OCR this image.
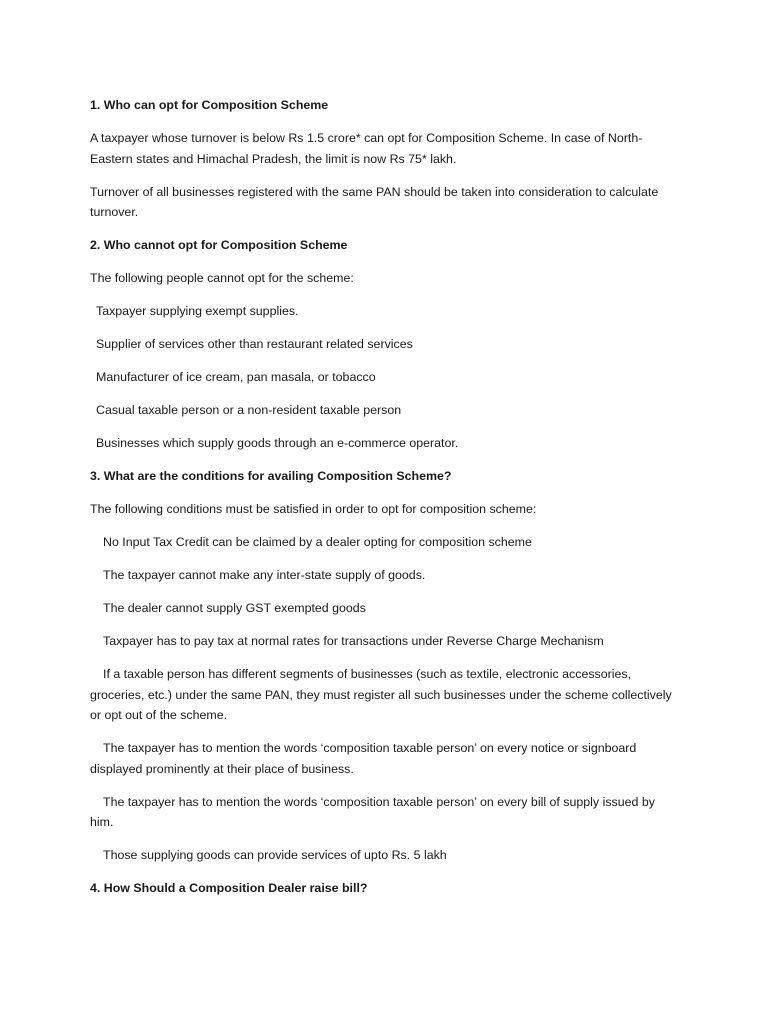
1. Who can opt for Composition Scheme

A taxpayer whose turnover is below Rs 1.5 crore* can opt for Composition Scheme. In case of North-Eastern states and Himachal Pradesh, the limit is now Rs 75* lakh.

Turnover of all businesses registered with the same PAN should be taken into consideration to calculate turnover.

2. Who cannot opt for Composition Scheme

The following people cannot opt for the scheme:

Taxpayer supplying exempt supplies.

Supplier of services other than restaurant related services

Manufacturer of ice cream, pan masala, or tobacco

Casual taxable person or a non-resident taxable person

Businesses which supply goods through an e-commerce operator.

3. What are the conditions for availing Composition Scheme?

The following conditions must be satisfied in order to opt for composition scheme:

No Input Tax Credit can be claimed by a dealer opting for composition scheme

The taxpayer cannot make any inter-state supply of goods.

The dealer cannot supply GST exempted goods

Taxpayer has to pay tax at normal rates for transactions under Reverse Charge Mechanism

If a taxable person has different segments of businesses (such as textile, electronic accessories, groceries, etc.) under the same PAN, they must register all such businesses under the scheme collectively or opt out of the scheme.

The taxpayer has to mention the words ‘composition taxable person’ on every notice or signboard displayed prominently at their place of business.

The taxpayer has to mention the words ‘composition taxable person’ on every bill of supply issued by him.

Those supplying goods can provide services of upto Rs. 5 lakh

4. How Should a Composition Dealer raise bill?
